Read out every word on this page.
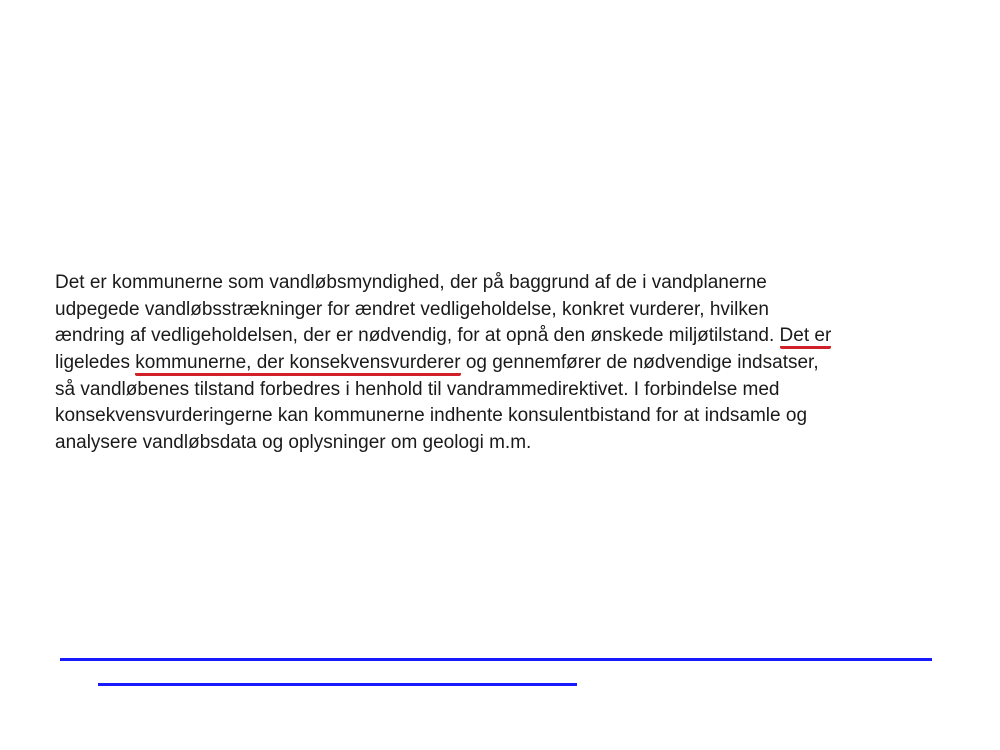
Det er kommunerne som vandløbsmyndighed, der på baggrund af de i vandplanerne
udpegede vandløbsstrækninger for ændret vedligeholdelse, konkret vurderer, hvilken
ændring af vedligeholdelsen, der er nødvendig, for at opnå den ønskede miljøtilstand. Det er
ligeledes kommunerne, der konsekvensvurderer og gennemfører de nødvendige indsatser,
så vandløbenes tilstand forbedres i henhold til vandrammedirektivet. I forbindelse med
konsekvensvurderingerne kan kommunerne indhente konsulentbistand for at indsamle og
analysere vandløbsdata og oplysninger om geologi m.m.
